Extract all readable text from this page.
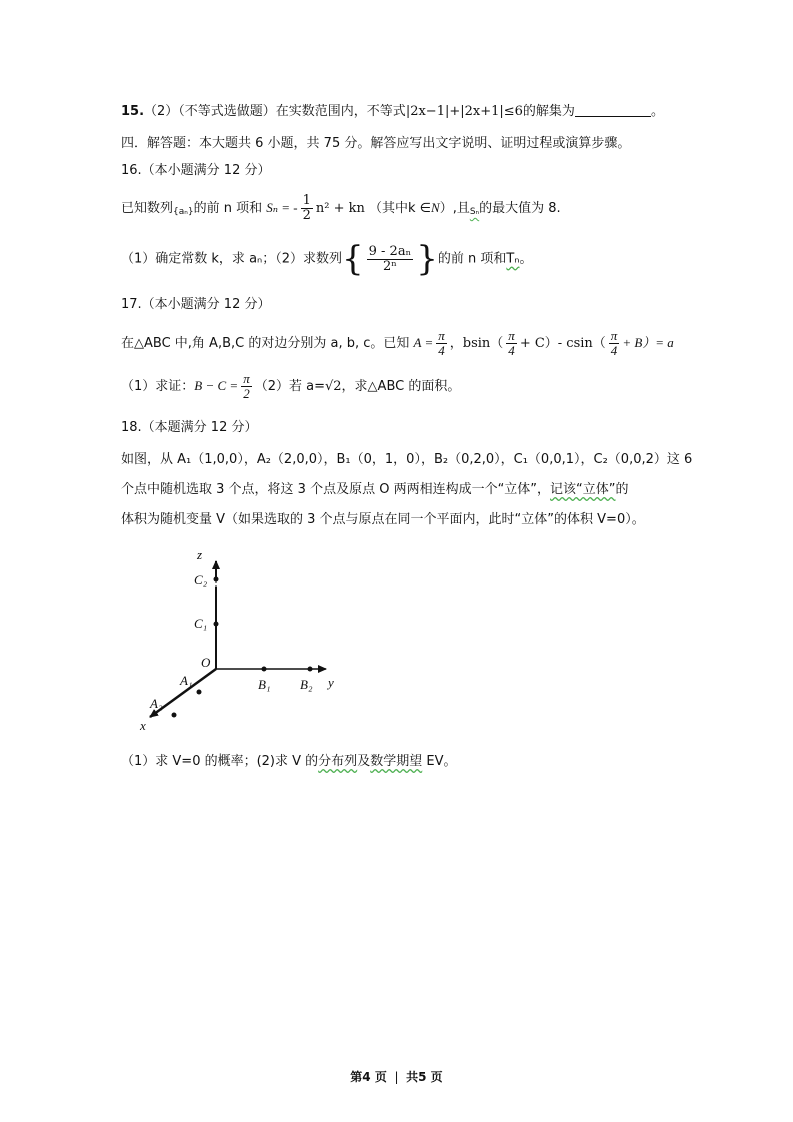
15.（2）（不等式选做题）在实数范围内，不等式|2x−1|+|2x+1|≤6的解集为	。
四．解答题：本大题共 6 小题，共 75 分。解答应写出文字说明、证明过程或演算步骤。
16.（本小题满分 12 分）
已知数列{aₙ}的前 n 项和 Sₙ = - $\frac{1}{2} n^2$ + kn （其中k ∈N）,且Sₙ的最大值为 8.
（1）确定常数 k，求 aₙ；（2）求数列{ $\frac{\text{9 - 2aₙ}}{\text{2ⁿ}}$ }的前 n 项和Tₙ。
17.（本小题满分 12 分）
在△ABC 中,角 A,B,C 的对边分别为 a, b, c。已知 $A = \frac{\pi}{4}$ ，$bsin( \frac{\pi}{4} + C)-$ $csin( \frac{\pi}{4} + B)= a$
（1）求证：$B - C = \frac{\pi}{2} (2)$若 a=√2，求△ABC 的面积。
18.（本题满分 12 分）
如图，从 A₁（1,0,0），A₂（2,0,0），B₁（0，1，0），B₂（0,2,0），C₁（0,0,1），C₂（0,0,2）这 6
个点中随机选取 3 个点，将这 3 个点及原点 O 两两相连构成一个“立体”，记该“立体”的
体积为随机变量 V（如果选取的 3 个点与原点在同一个平面内，此时“立体”的体积 V=0）。
z
C₂
C₁
O
A₁
A₂
x
B₁ B₂ y
（1）求 V=0 的概率；(2)求 V 的分布列及数学期望 EV。
第4 页 | 共5 页
